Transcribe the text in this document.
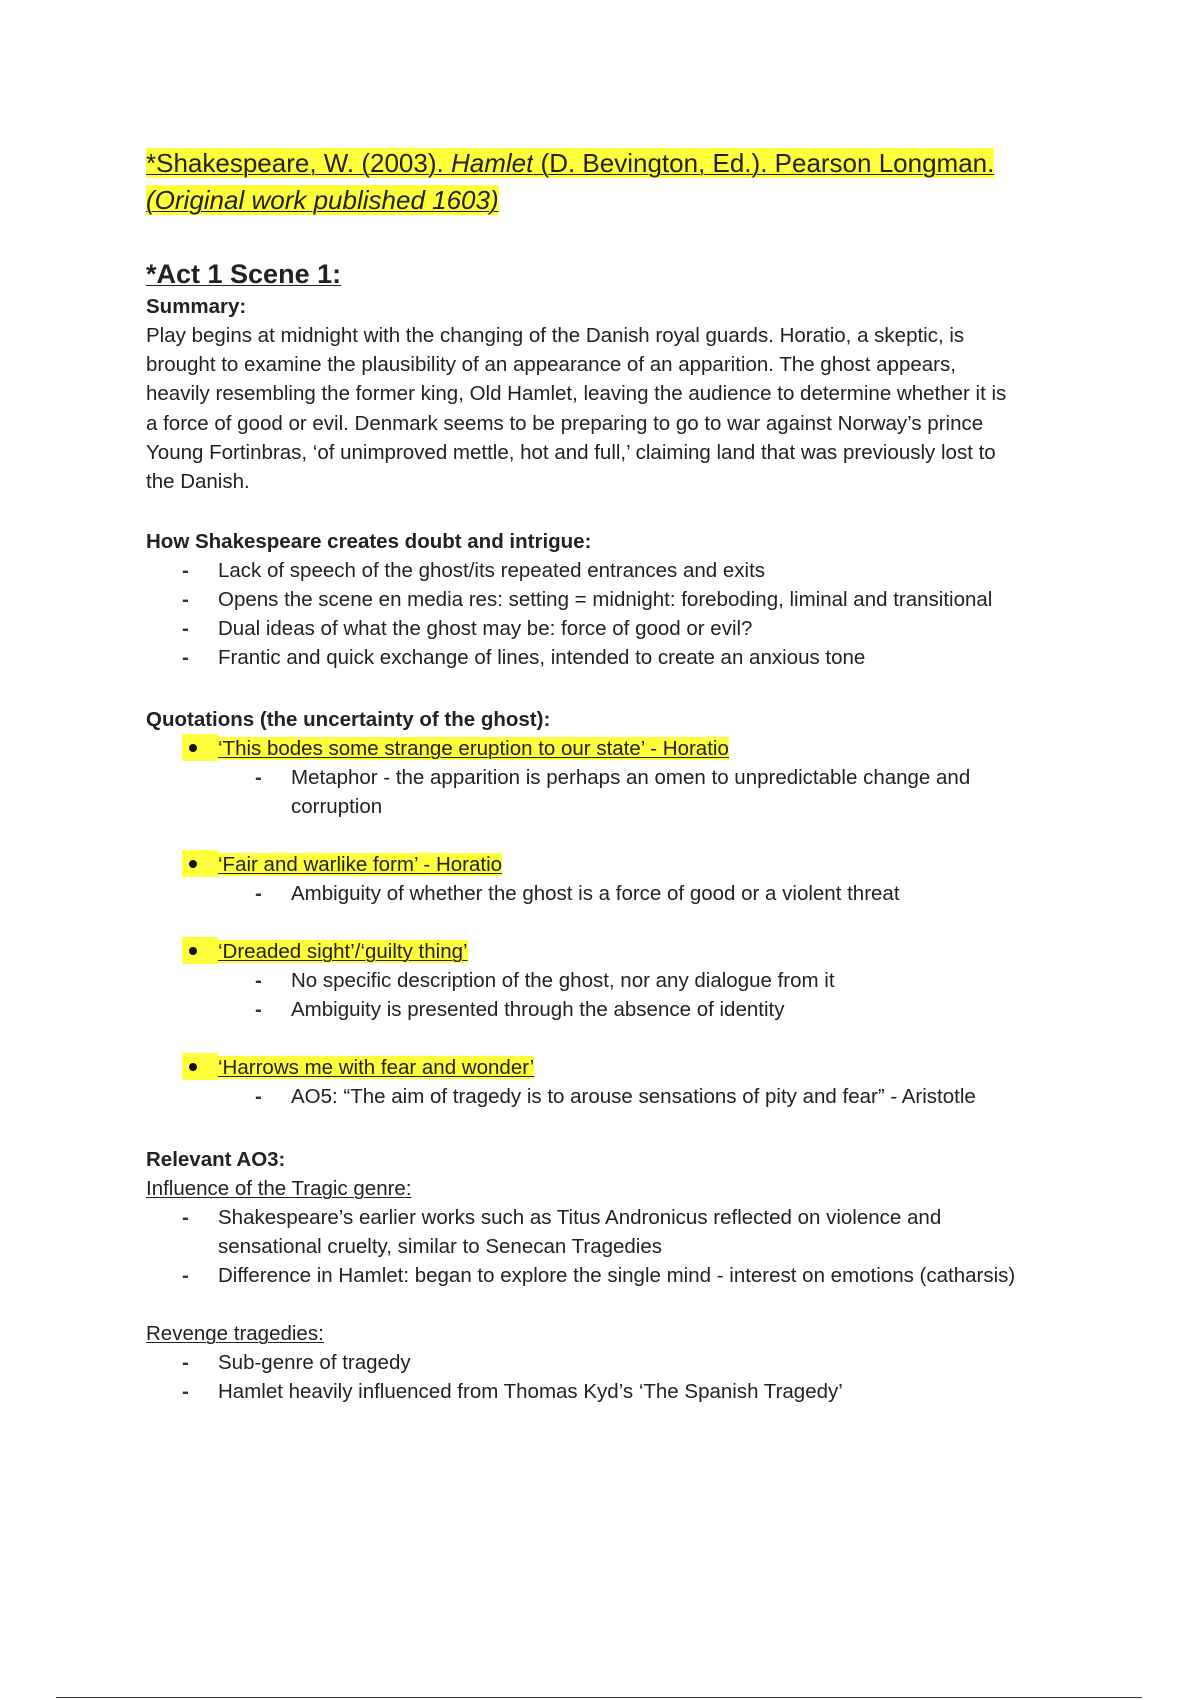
*Shakespeare, W. (2003). Hamlet (D. Bevington, Ed.). Pearson Longman.
(Original work published 1603)
*Act 1 Scene 1:
Summary:
Play begins at midnight with the changing of the Danish royal guards. Horatio, a skeptic, is
brought to examine the plausibility of an appearance of an apparition. The ghost appears,
heavily resembling the former king, Old Hamlet, leaving the audience to determine whether it is
a force of good or evil. Denmark seems to be preparing to go to war against Norway’s prince
Young Fortinbras, ‘of unimproved mettle, hot and full,’ claiming land that was previously lost to
the Danish.
How Shakespeare creates doubt and intrigue:
- Lack of speech of the ghost/its repeated entrances and exits
- Opens the scene en media res: setting = midnight: foreboding, liminal and transitional
- Dual ideas of what the ghost may be: force of good or evil?
- Frantic and quick exchange of lines, intended to create an anxious tone
Quotations (the uncertainty of the ghost):
‘This bodes some strange eruption to our state’ - Horatio
- Metaphor - the apparition is perhaps an omen to unpredictable change and
corruption
‘Fair and warlike form’ - Horatio
- Ambiguity of whether the ghost is a force of good or a violent threat
‘Dreaded sight’/‘guilty thing’
- No specific description of the ghost, nor any dialogue from it
- Ambiguity is presented through the absence of identity
‘Harrows me with fear and wonder’
- AO5: “The aim of tragedy is to arouse sensations of pity and fear” - Aristotle
Relevant AO3:
Influence of the Tragic genre:
- Shakespeare’s earlier works such as Titus Andronicus reflected on violence and
sensational cruelty, similar to Senecan Tragedies
- Difference in Hamlet: began to explore the single mind - interest on emotions (catharsis)
Revenge tragedies:
- Sub-genre of tragedy
- Hamlet heavily influenced from Thomas Kyd’s ‘The Spanish Tragedy’
